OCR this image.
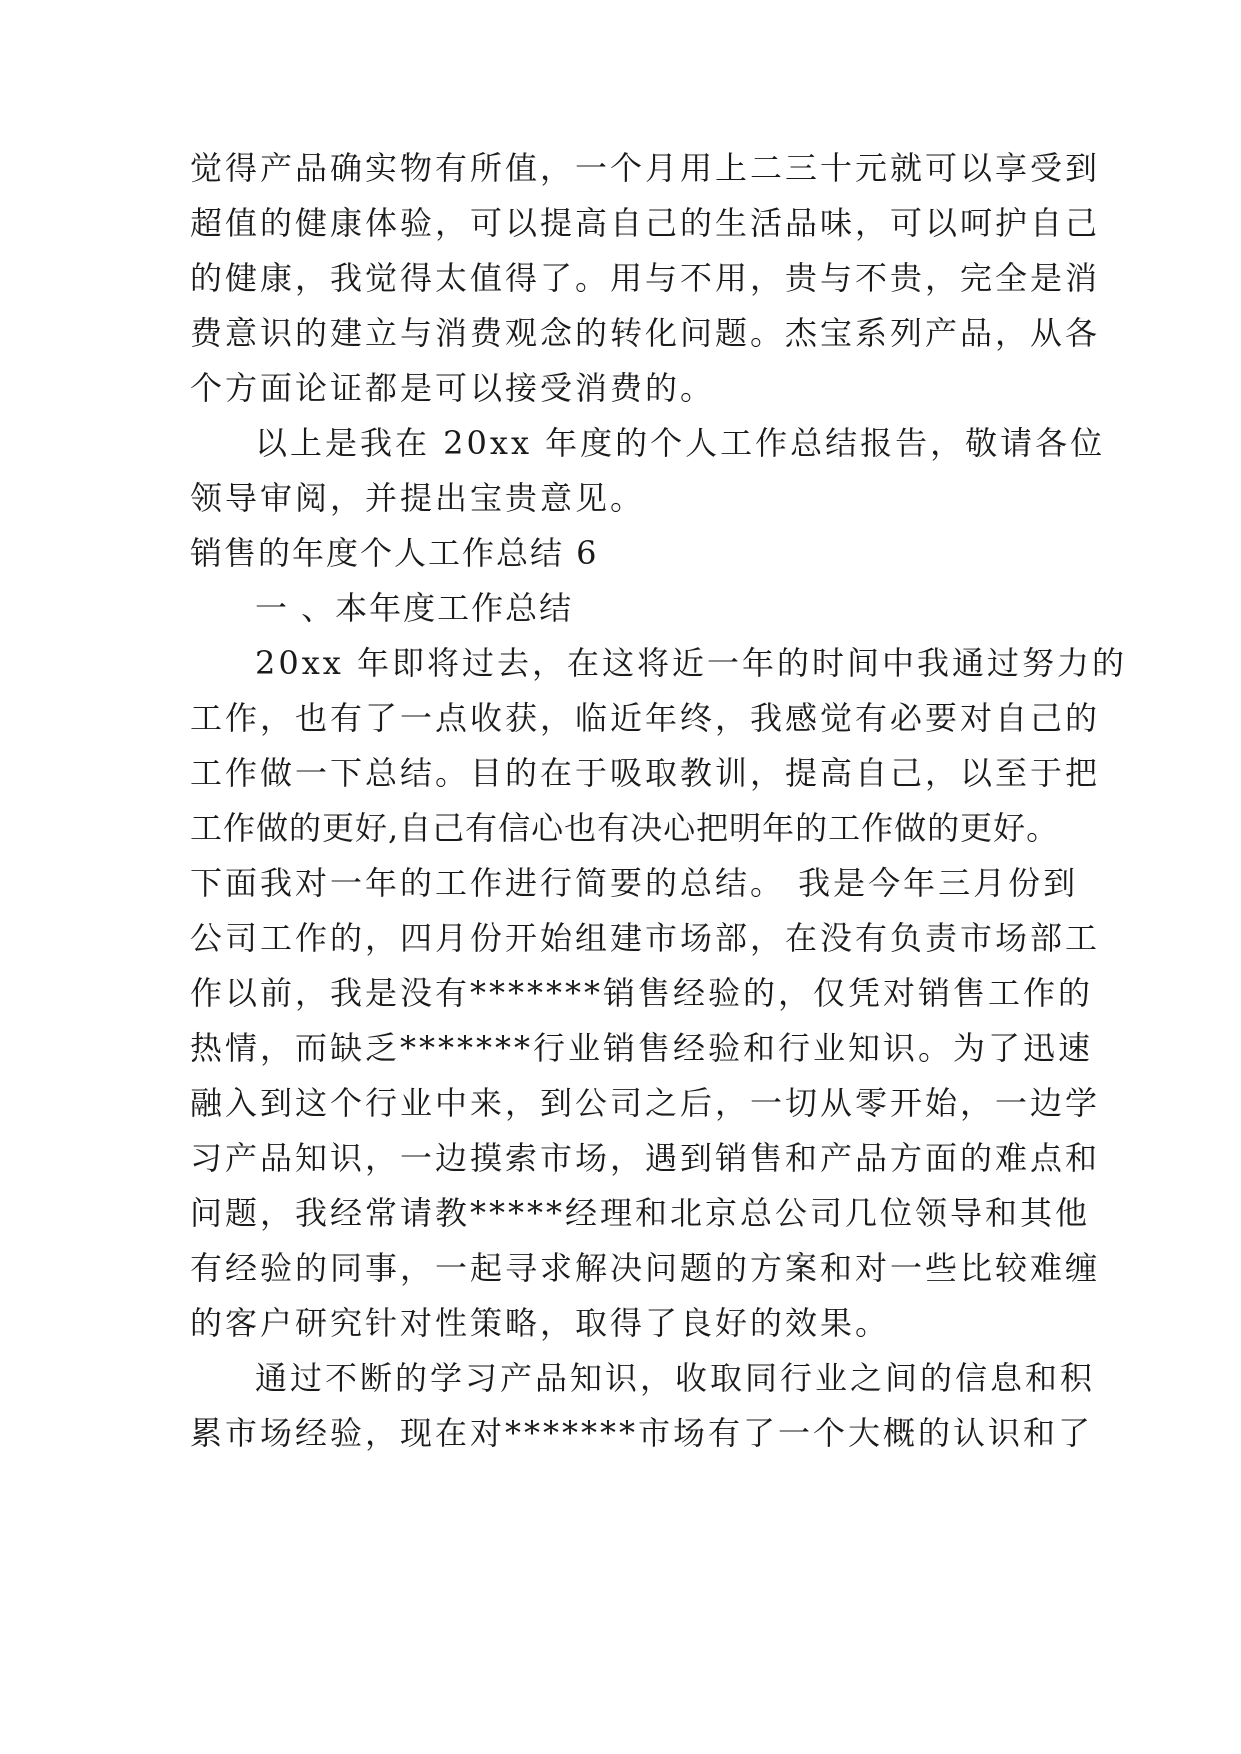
觉得产品确实物有所值，一个月用上二三十元就可以享受到
超值的健康体验，可以提高自己的生活品味，可以呵护自己
的健康，我觉得太值得了。用与不用，贵与不贵，完全是消
费意识的建立与消费观念的转化问题。杰宝系列产品，从各
个方面论证都是可以接受消费的。
以上是我在 20xx 年度的个人工作总结报告，敬请各位
领导审阅，并提出宝贵意见。
销售的年度个人工作总结 6
一 、本年度工作总结
20xx 年即将过去，在这将近一年的时间中我通过努力的
工作，也有了一点收获，临近年终，我感觉有必要对自己的
工作做一下总结。目的在于吸取教训，提高自己，以至于把
工作做的更好,自己有信心也有决心把明年的工作做的更好。
下面我对一年的工作进行简要的总结。 我是今年三月份到
公司工作的，四月份开始组建市场部，在没有负责市场部工
作以前，我是没有*******销售经验的，仅凭对销售工作的
热情，而缺乏*******行业销售经验和行业知识。为了迅速
融入到这个行业中来，到公司之后，一切从零开始，一边学
习产品知识，一边摸索市场，遇到销售和产品方面的难点和
问题，我经常请教*****经理和北京总公司几位领导和其他
有经验的同事，一起寻求解决问题的方案和对一些比较难缠
的客户研究针对性策略，取得了良好的效果。
通过不断的学习产品知识，收取同行业之间的信息和积
累市场经验，现在对*******市场有了一个大概的认识和了
